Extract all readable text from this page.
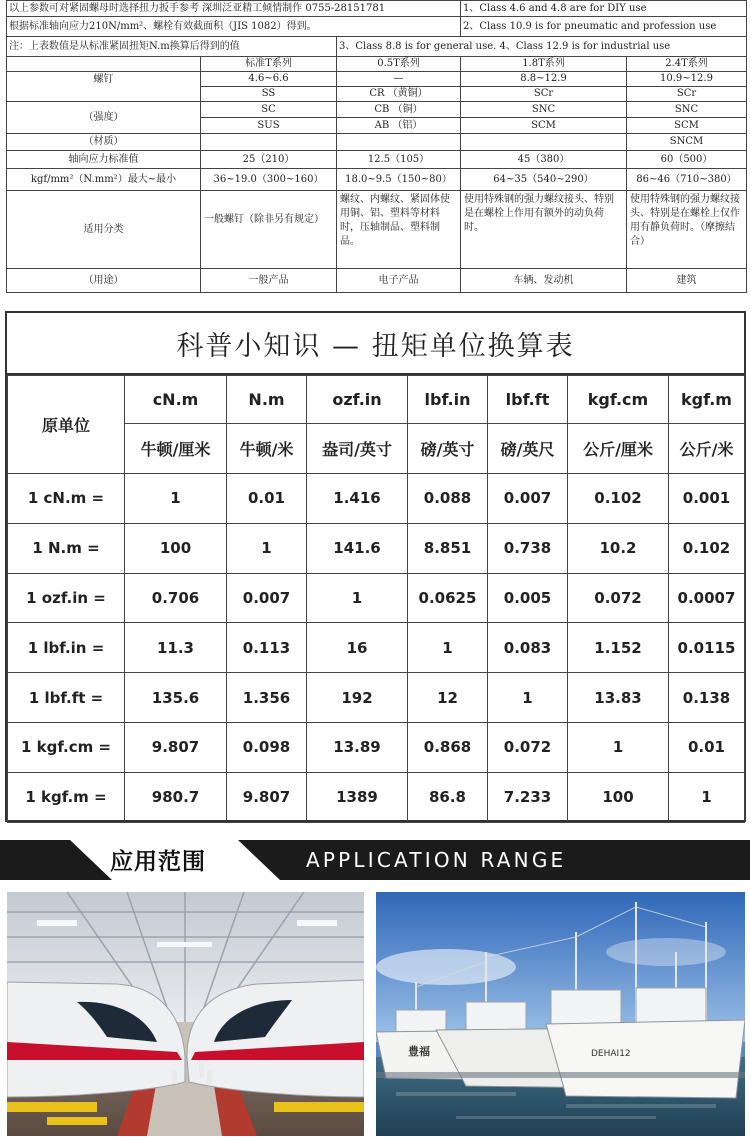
以上参数可对紧固螺母时选择扭力扳手参考 深圳泛亚精工倾情制作 0755-28151781			1、Class 4.6 and 4.8 are for DIY use	
根据标准轴向应力210N/mm²、螺栓有效截面积（JIS 1082）得到。			2、Class 10.9 is for pneumatic and profession use	
注：上表数值是从标准紧固扭矩N.m换算后得到的值		3、Class 8.8 is for general use. 4、Class 12.9 is for industrial use		
	标准T系列	0.5T系列	1.8T系列	2.4T系列
螺钉	4.6~6.6	—	8.8~12.9	10.9~12.9
	SS	CR （黄铜）	SCr	SCr
（强度）	SC	CB （铜）	SNC	SNC
	SUS	AB （铝）	SCM	SCM
（材质）				SNCM
轴向应力标准值	25（210）	12.5（105）	45（380）	60（500）
kgf/mm²（N.mm²）最大~最小	36~19.0（300~160）	18.0~9.5（150~80）	64~35（540~290）	86~46（710~380）
适用分类	一般螺钉（除非另有规定）	螺纹、内螺纹、紧固体使用铜、铝、塑料等材料时，压轴制品、塑料制品。	使用特殊钢的强力螺纹接头、特别是在螺栓上作用有额外的动负荷时。	使用特殊钢的强力螺纹接头、特别是在螺栓上仅作用有静负荷时。（摩擦结合）
（用途）	一般产品	电子产品	车辆、发动机	建筑
科普小知识 — 扭矩单位换算表
原单位	cN.m	N.m	ozf.in	lbf.in	lbf.ft	kgf.cm	kgf.m
	牛顿/厘米	牛顿/米	盎司/英寸	磅/英寸	磅/英尺	公斤/厘米	公斤/米
1 cN.m =	1	0.01	1.416	0.088	0.007	0.102	0.001
1 N.m =	100	1	141.6	8.851	0.738	10.2	0.102
1 ozf.in =	0.706	0.007	1	0.0625	0.005	0.072	0.0007
1 lbf.in =	11.3	0.113	16	1	0.083	1.152	0.0115
1 lbf.ft =	135.6	1.356	192	12	1	13.83	0.138
1 kgf.cm =	9.807	0.098	13.89	0.868	0.072	1	0.01
1 kgf.m =	980.7	9.807	1389	86.8	7.233	100	1
应用范围	APPLICATION RANGE
豊福	DEHAI12
